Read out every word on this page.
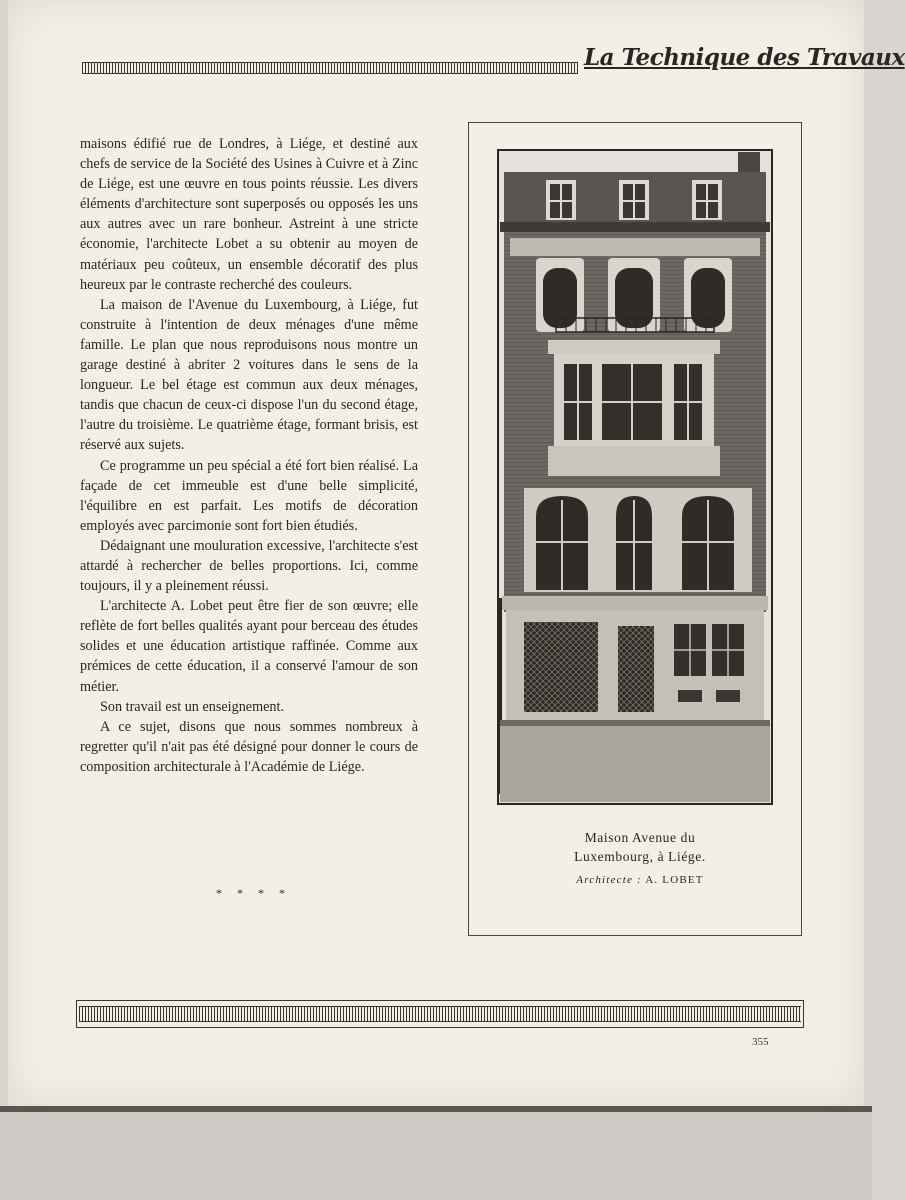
La Technique des Travaux

maisons édifié rue de Londres, à Liége, et destiné aux chefs de service de la Société des Usines à Cuivre et à Zinc de Liége, est une œuvre en tous points réussie. Les divers éléments d'architecture sont superposés ou opposés les uns aux autres avec un rare bonheur. Astreint à une stricte économie, l'architecte Lobet a su obtenir au moyen de matériaux peu coûteux, un ensemble décoratif des plus heureux par le contraste recherché des couleurs.

La maison de l'Avenue du Luxembourg, à Liége, fut construite à l'intention de deux ménages d'une même famille. Le plan que nous reproduisons nous montre un garage destiné à abriter 2 voitures dans le sens de la longueur. Le bel étage est commun aux deux ménages, tandis que chacun de ceux-ci dispose l'un du second étage, l'autre du troisième. Le quatrième étage, formant brisis, est réservé aux sujets.

Ce programme un peu spécial a été fort bien réalisé. La façade de cet immeuble est d'une belle simplicité, l'équilibre en est parfait. Les motifs de décoration employés avec parcimonie sont fort bien étudiés.

Dédaignant une mouluration excessive, l'architecte s'est attardé à rechercher de belles proportions. Ici, comme toujours, il y a pleinement réussi.

L'architecte A. Lobet peut être fier de son œuvre; elle reflète de fort belles qualités ayant pour berceau des études solides et une éducation artistique raffinée. Comme aux prémices de cette éducation, il a conservé l'amour de son métier.

Son travail est un enseignement.

A ce sujet, disons que nous sommes nombreux à regretter qu'il n'ait pas été désigné pour donner le cours de composition architecturale à l'Académie de Liége.

* * * *
Maison Avenue du
Luxembourg, à Liége.
Architecte : A. LOBET
355
